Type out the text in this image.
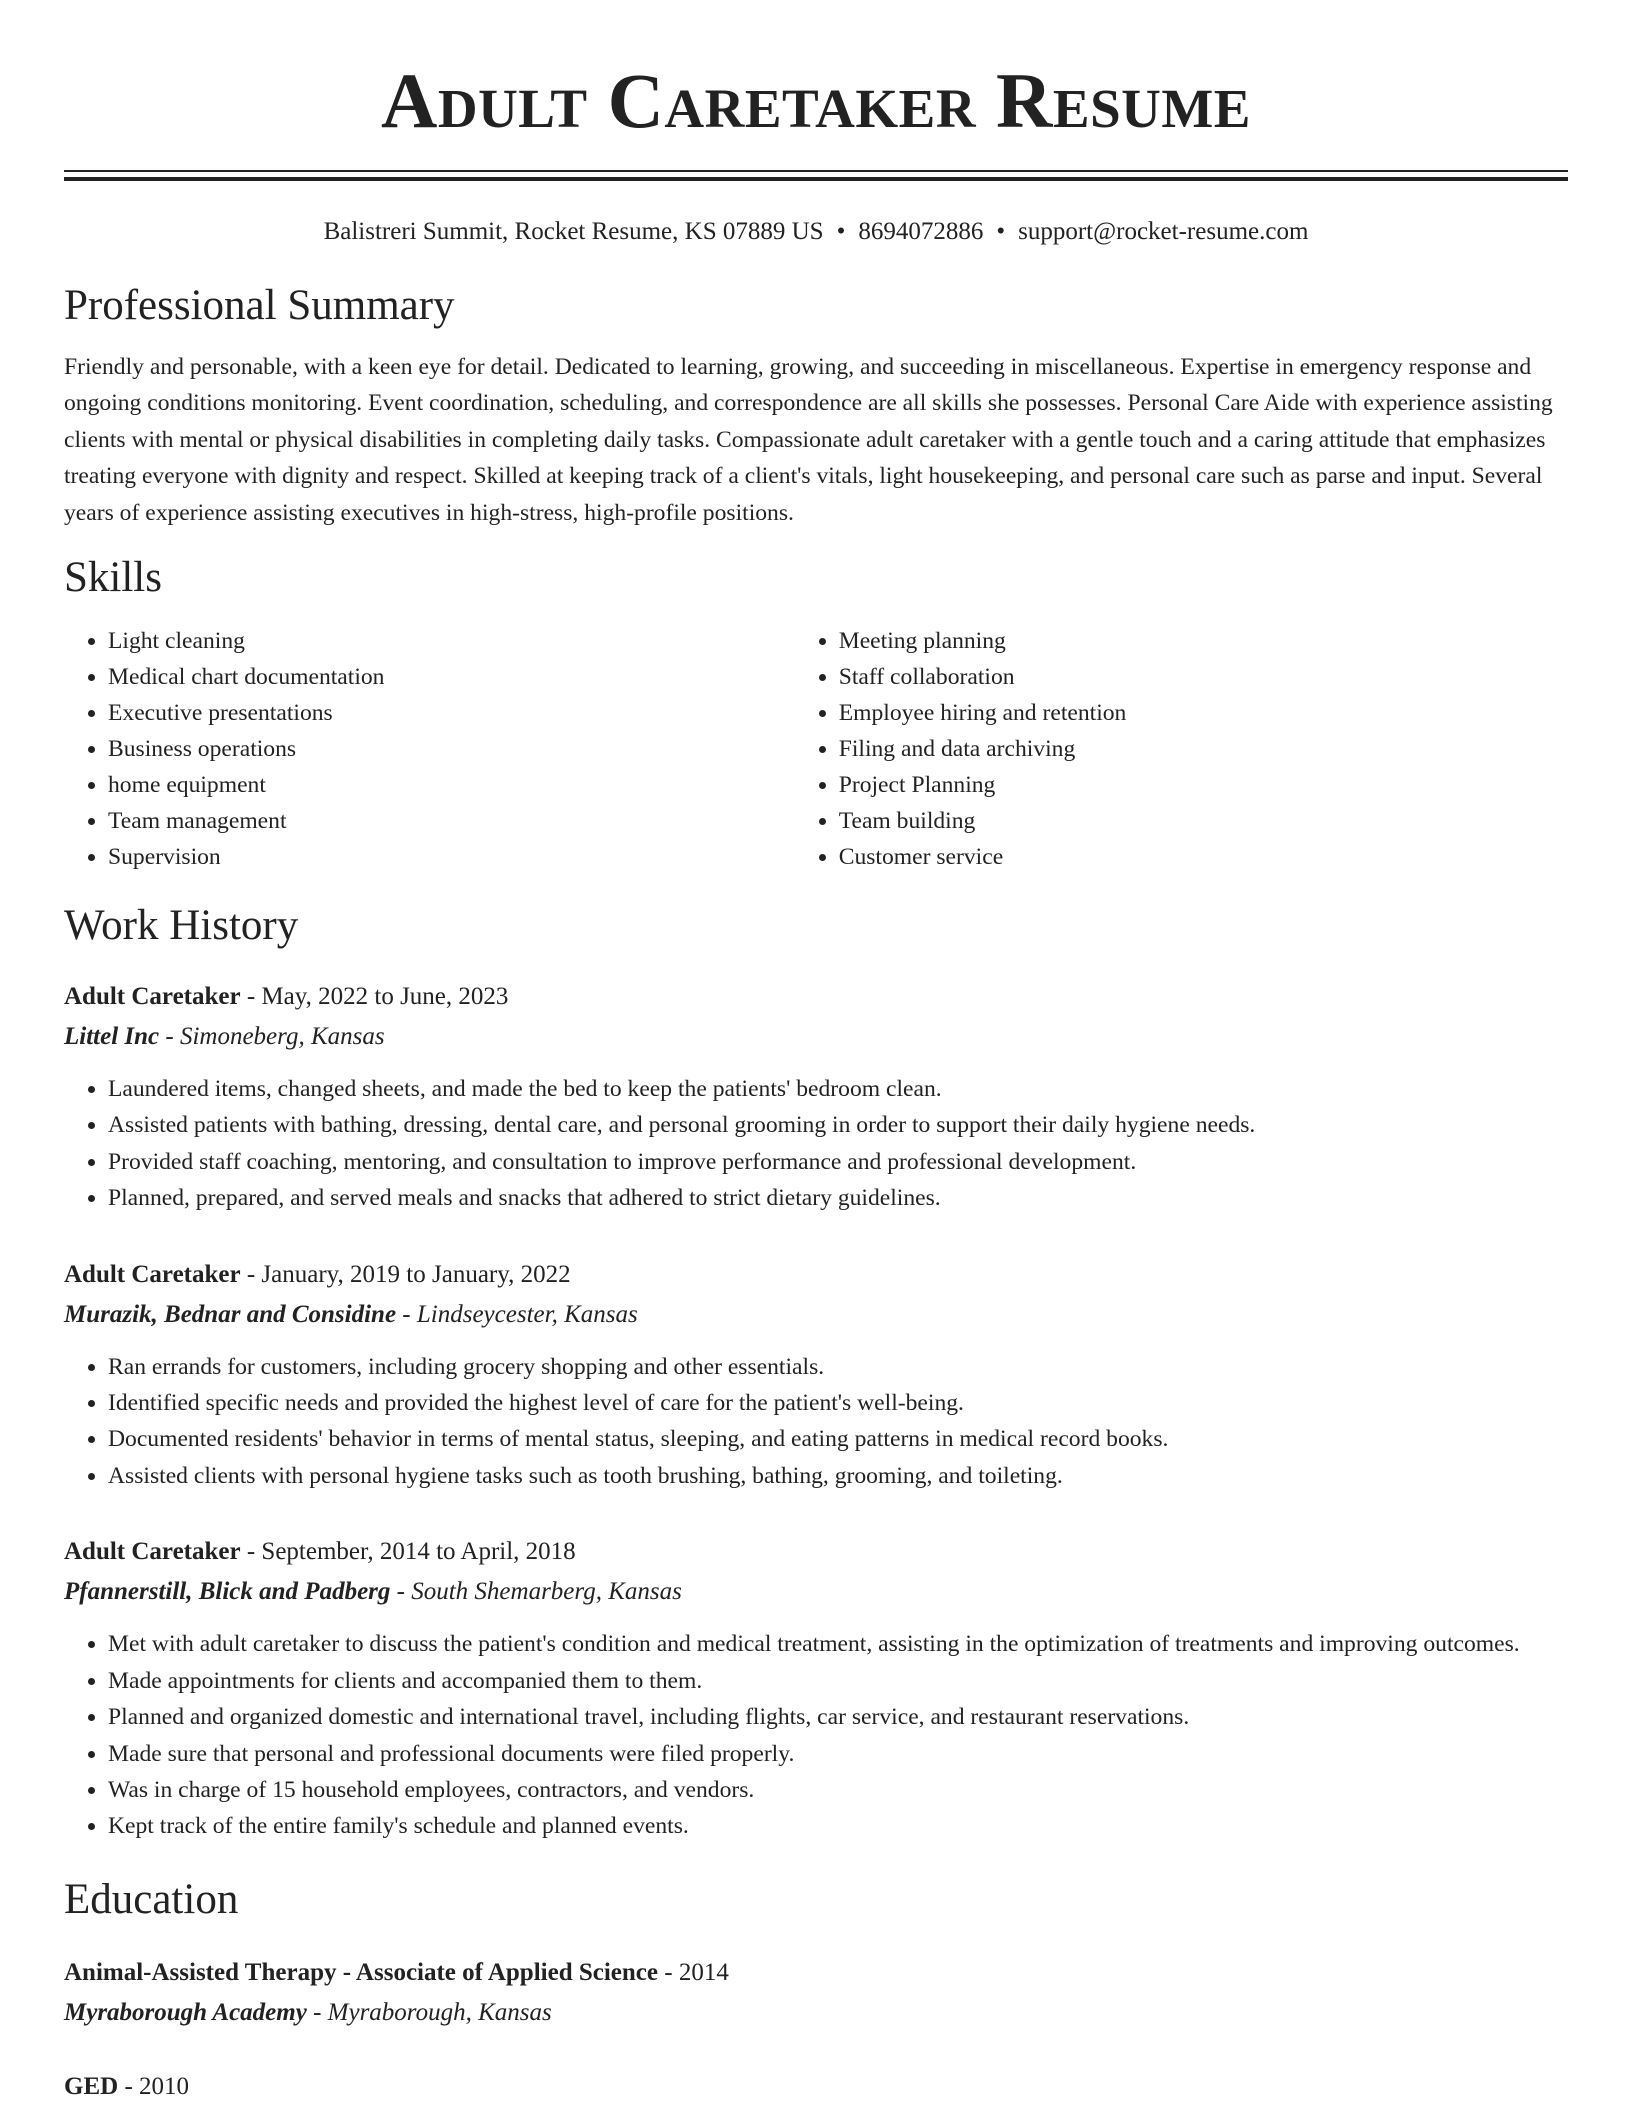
Adult Caretaker Resume
Balistreri Summit, Rocket Resume, KS 07889 US • 8694072886 • support@rocket-resume.com
Professional Summary

Friendly and personable, with a keen eye for detail. Dedicated to learning, growing, and succeeding in miscellaneous. Expertise in emergency response and ongoing conditions monitoring. Event coordination, scheduling, and correspondence are all skills she possesses. Personal Care Aide with experience assisting clients with mental or physical disabilities in completing daily tasks. Compassionate adult caretaker with a gentle touch and a caring attitude that emphasizes treating everyone with dignity and respect. Skilled at keeping track of a client's vitals, light housekeeping, and personal care such as parse and input. Several years of experience assisting executives in high-stress, high-profile positions.

Skills
• Light cleaning
• Medical chart documentation
• Executive presentations
• Business operations
• home equipment
• Team management
• Supervision
• Meeting planning
• Staff collaboration
• Employee hiring and retention
• Filing and data archiving
• Project Planning
• Team building
• Customer service
Work History
Adult Caretaker - May, 2022 to June, 2023
Littel Inc - Simoneberg, Kansas
• Laundered items, changed sheets, and made the bed to keep the patients' bedroom clean.
• Assisted patients with bathing, dressing, dental care, and personal grooming in order to support their daily hygiene needs.
• Provided staff coaching, mentoring, and consultation to improve performance and professional development.
• Planned, prepared, and served meals and snacks that adhered to strict dietary guidelines.
Adult Caretaker - January, 2019 to January, 2022
Murazik, Bednar and Considine - Lindseycester, Kansas
• Ran errands for customers, including grocery shopping and other essentials.
• Identified specific needs and provided the highest level of care for the patient's well-being.
• Documented residents' behavior in terms of mental status, sleeping, and eating patterns in medical record books.
• Assisted clients with personal hygiene tasks such as tooth brushing, bathing, grooming, and toileting.
Adult Caretaker - September, 2014 to April, 2018
Pfannerstill, Blick and Padberg - South Shemarberg, Kansas
• Met with adult caretaker to discuss the patient's condition and medical treatment, assisting in the optimization of treatments and improving outcomes.
• Made appointments for clients and accompanied them to them.
• Planned and organized domestic and international travel, including flights, car service, and restaurant reservations.
• Made sure that personal and professional documents were filed properly.
• Was in charge of 15 household employees, contractors, and vendors.
• Kept track of the entire family's schedule and planned events.
Education
Animal-Assisted Therapy - Associate of Applied Science - 2014
Myraborough Academy - Myraborough, Kansas
GED - 2010
